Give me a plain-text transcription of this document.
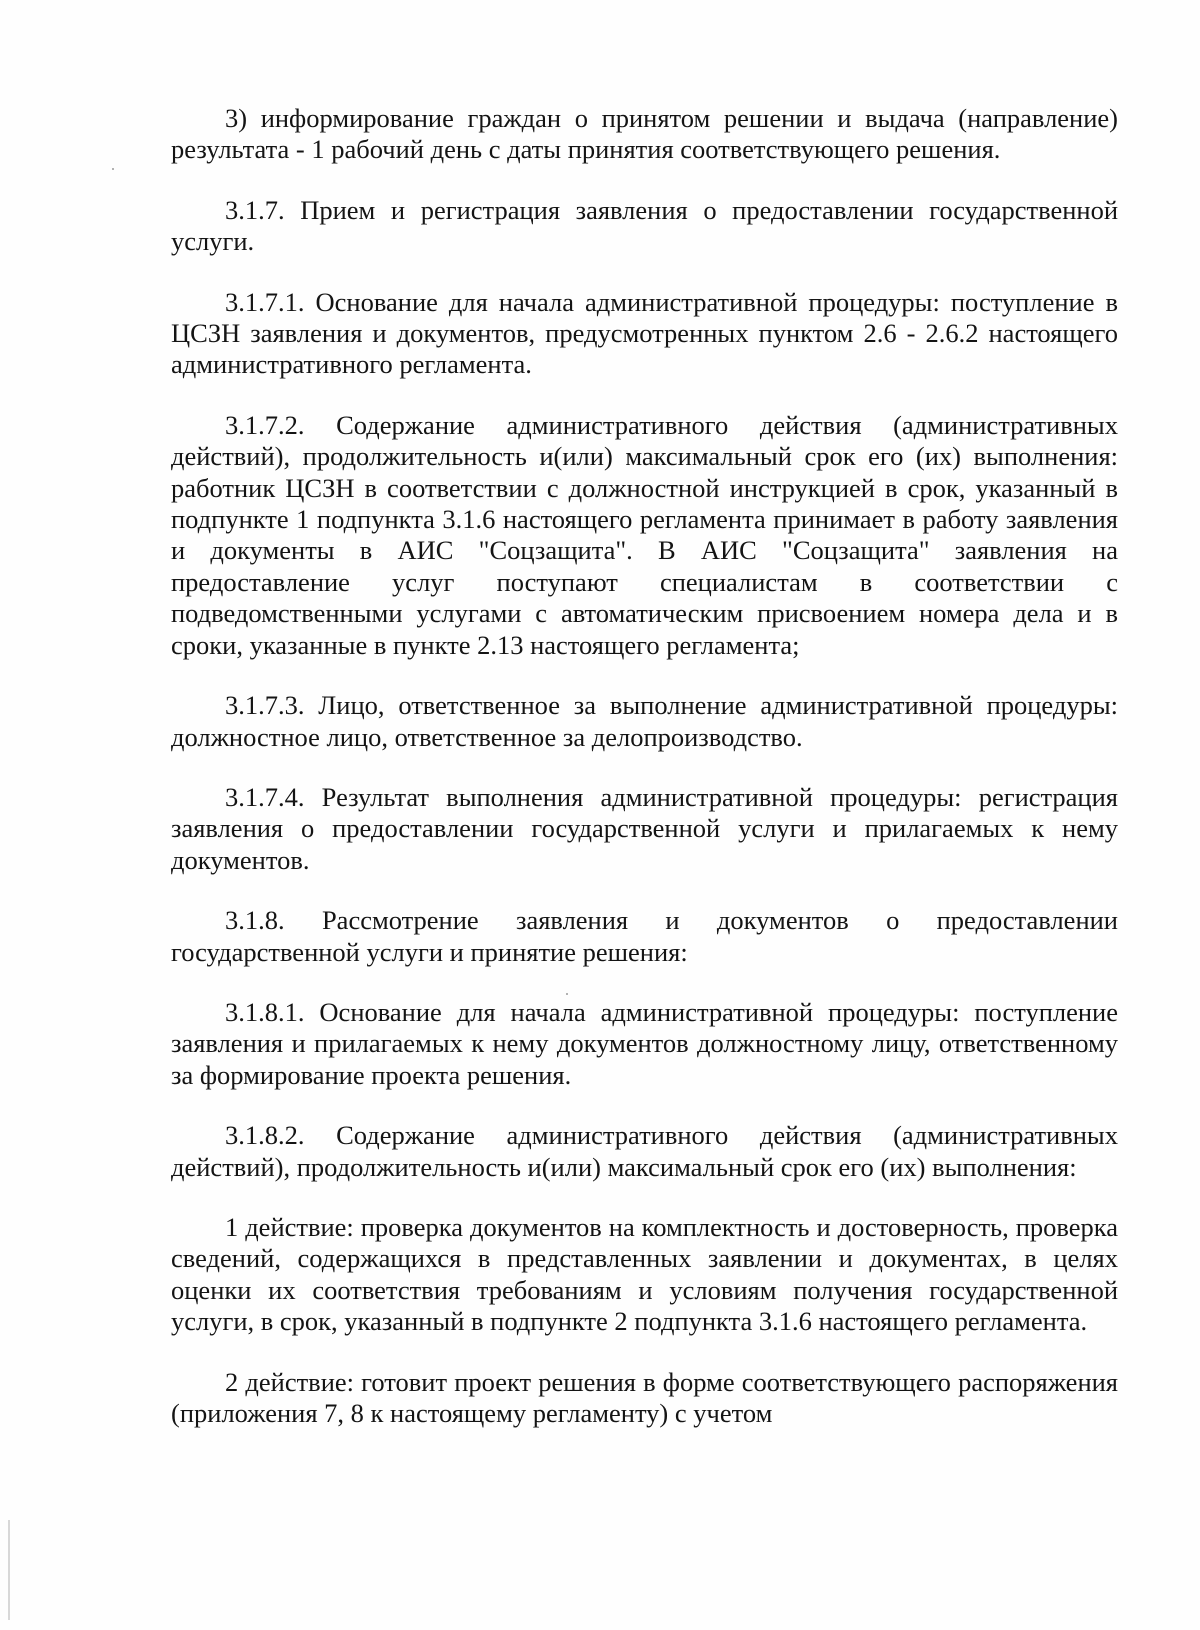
3) информирование граждан о принятом решении и выдача (направление) результата - 1 рабочий день с даты принятия соответствующего решения.

3.1.7. Прием и регистрация заявления о предоставлении государственной услуги.

3.1.7.1. Основание для начала административной процедуры: поступление в ЦСЗН заявления и документов, предусмотренных пунктом 2.6 - 2.6.2 настоящего административного регламента.

3.1.7.2. Содержание административного действия (административных действий), продолжительность и(или) максимальный срок его (их) выполнения: работник ЦСЗН в соответствии с должностной инструкцией в срок, указанный в подпункте 1 подпункта 3.1.6 настоящего регламента принимает в работу заявления и документы в АИС "Соцзащита". В АИС "Соцзащита" заявления на предоставление услуг поступают специалистам в соответствии с подведомственными услугами с автоматическим присвоением номера дела и в сроки, указанные в пункте 2.13 настоящего регламента;

3.1.7.3. Лицо, ответственное за выполнение административной процедуры: должностное лицо, ответственное за делопроизводство.

3.1.7.4. Результат выполнения административной процедуры: регистрация заявления о предоставлении государственной услуги и прилагаемых к нему документов.

3.1.8. Рассмотрение заявления и документов о предоставлении государственной услуги и принятие решения:

3.1.8.1. Основание для начала административной процедуры: поступление заявления и прилагаемых к нему документов должностному лицу, ответственному за формирование проекта решения.

3.1.8.2. Содержание административного действия (административных действий), продолжительность и(или) максимальный срок его (их) выполнения:

1 действие: проверка документов на комплектность и достоверность, проверка сведений, содержащихся в представленных заявлении и документах, в целях оценки их соответствия требованиям и условиям получения государственной услуги, в срок, указанный в подпункте 2 подпункта 3.1.6 настоящего регламента.

2 действие: готовит проект решения в форме соответствующего распоряжения (приложения 7, 8 к настоящему регламенту) с учетом
